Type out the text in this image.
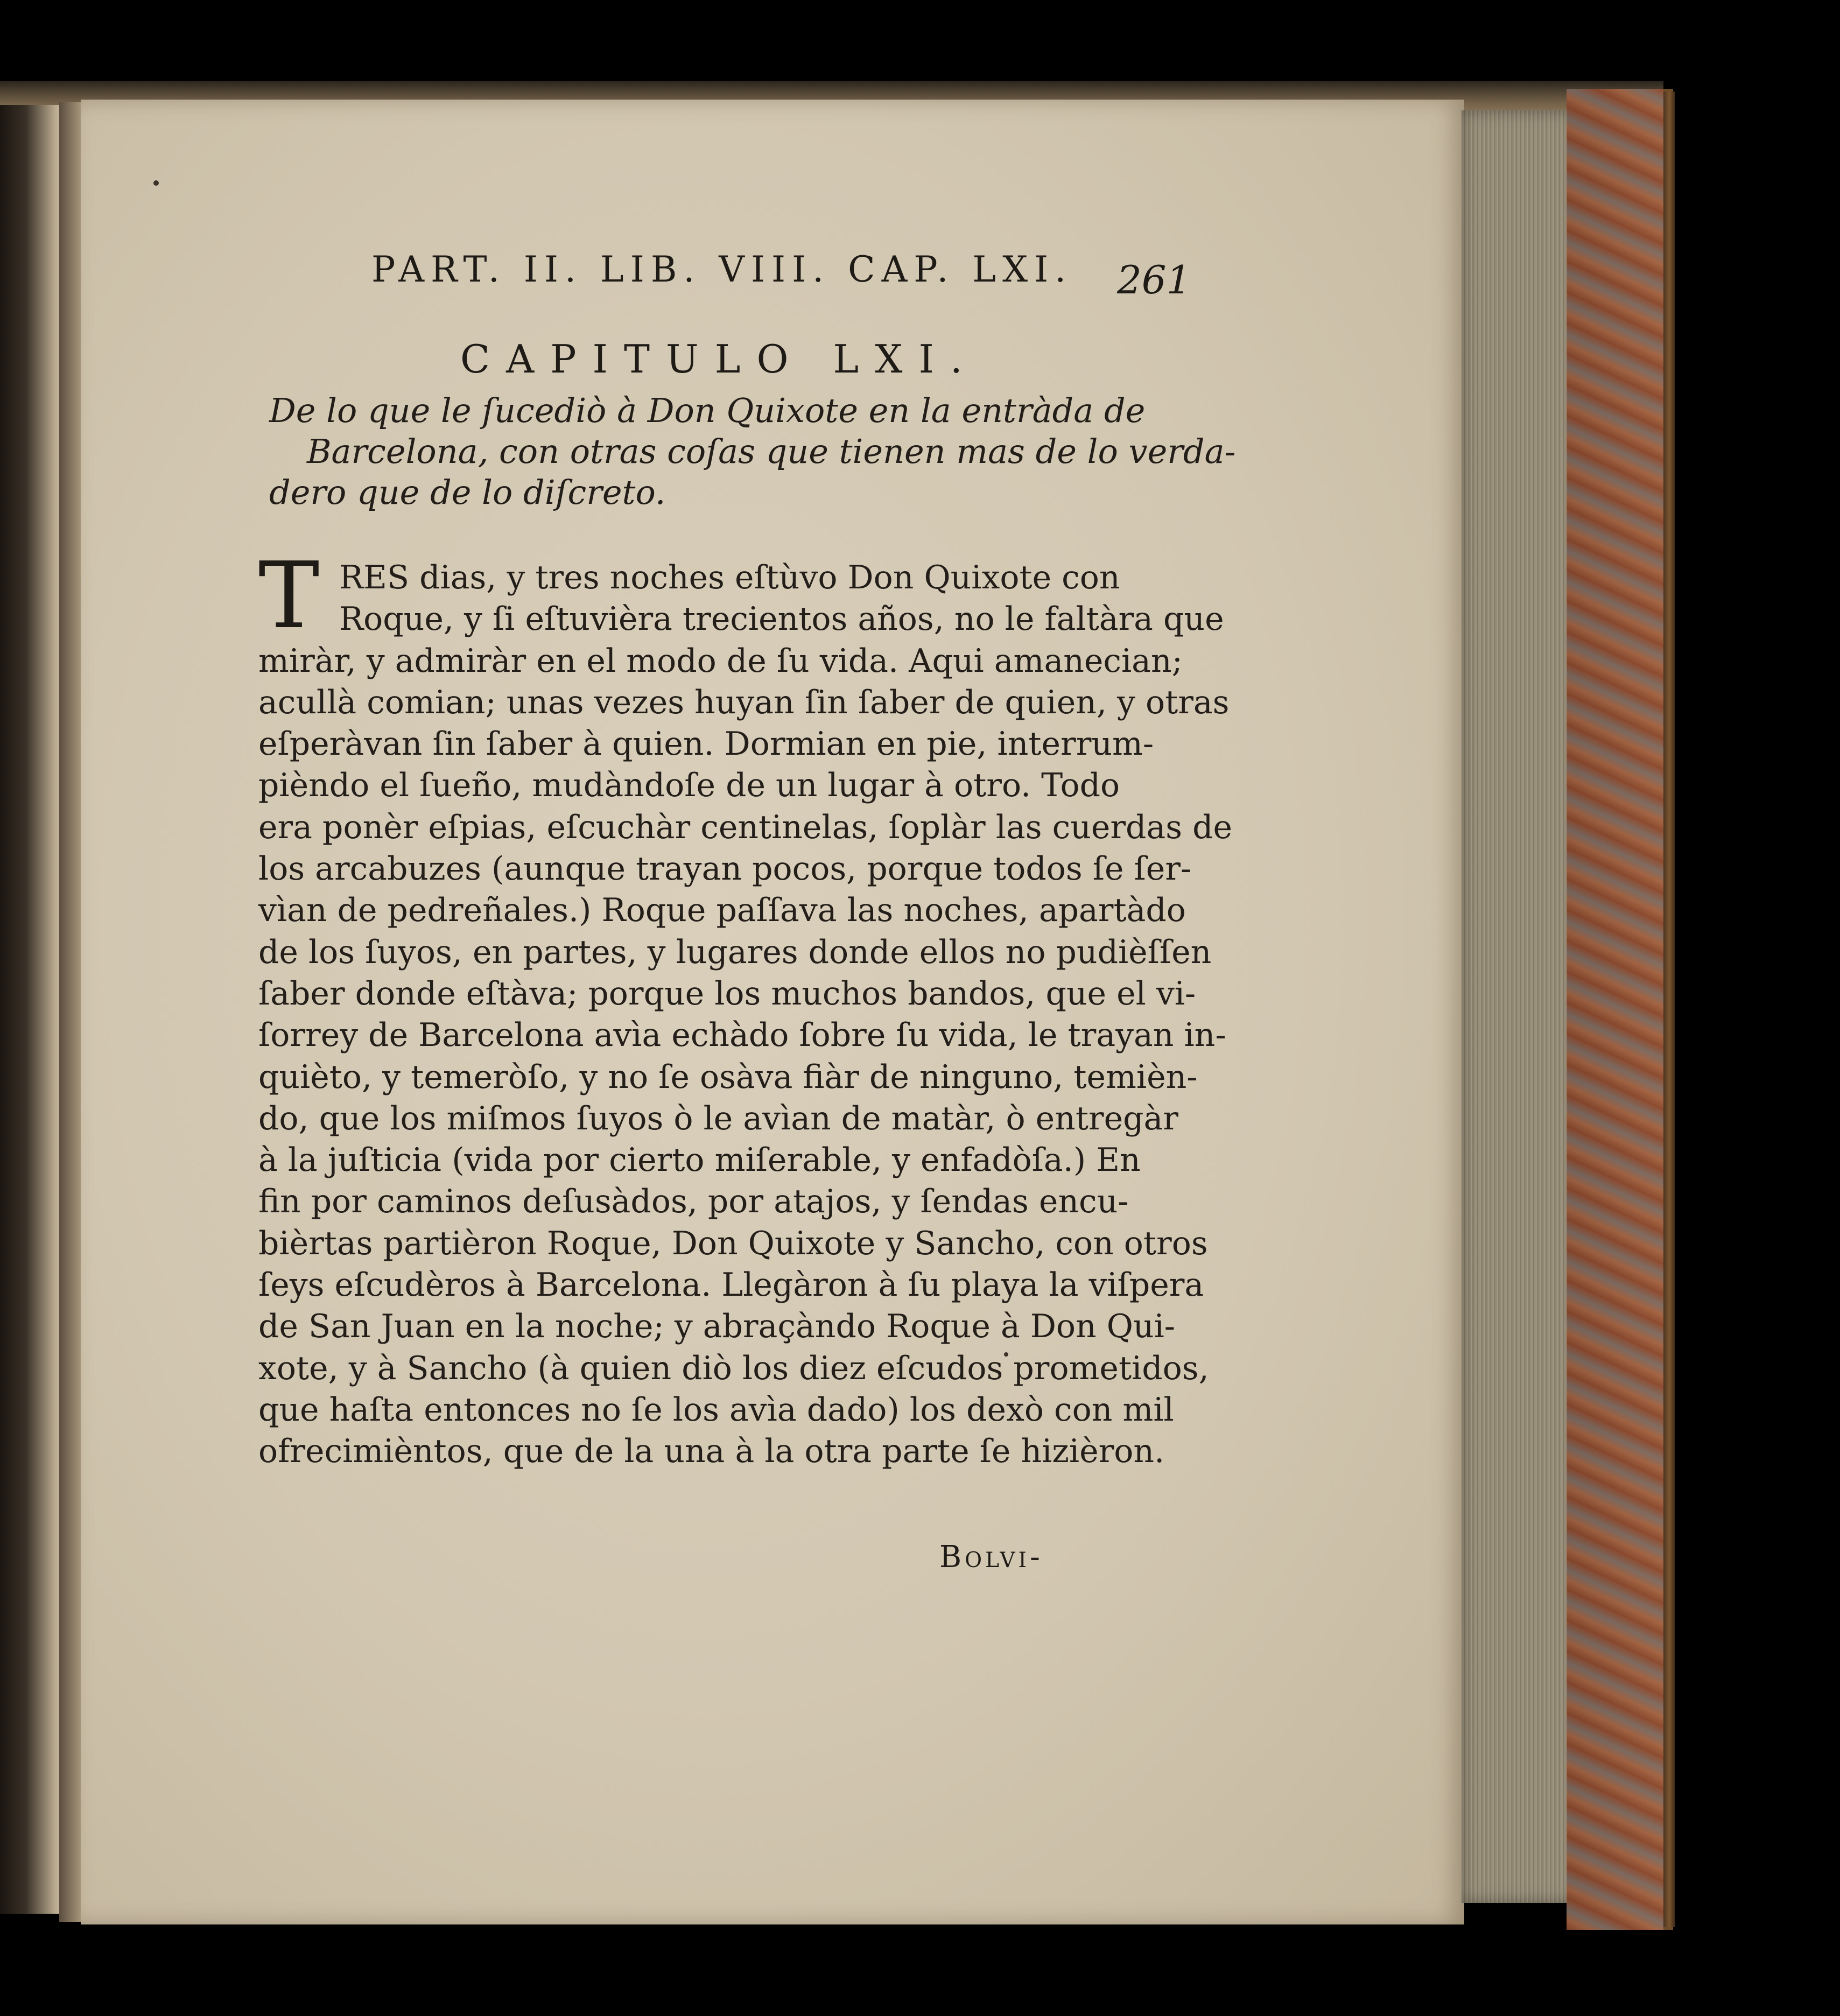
PART. II. LIB. VIII. CAP. LXI. 261
CAPITULO LXI.
De lo que le ſucediò à Don Quixote en la entràda de
Barcelona, con otras coſas que tienen mas de lo verda-
dero que de lo diſcreto.
T RES dias, y tres noches eſtùvo Don Quixote con
Roque, y ſi eſtuvièra trecientos años, no le faltàra que
miràr, y admiràr en el modo de ſu vida. Aqui amanecian;
acullà comian; unas vezes huyan ſin ſaber de quien, y otras
eſperàvan ſin ſaber à quien. Dormian en pie, interrum-
pièndo el ſueño, mudàndoſe de un lugar à otro. Todo
era ponèr eſpias, eſcuchàr centinelas, ſoplàr las cuerdas de
los arcabuzes (aunque trayan pocos, porque todos ſe ſer-
vìan de pedreñales.) Roque paſſava las noches, apartàdo
de los ſuyos, en partes, y lugares donde ellos no pudièſſen
ſaber donde eſtàva; porque los muchos bandos, que el vi-
ſorrey de Barcelona avìa echàdo ſobre ſu vida, le trayan in-
quièto, y temeròſo, y no ſe osàva fiàr de ninguno, temièn-
do, que los miſmos ſuyos ò le avìan de matàr, ò entregàr
à la juſticia (vida por cierto miſerable, y enfadòſa.) En
fin por caminos deſusàdos, por atajos, y ſendas encu-
bièrtas partièron Roque, Don Quixote y Sancho, con otros
ſeys eſcudèros à Barcelona. Llegàron à ſu playa la viſpera
de San Juan en la noche; y abraçàndo Roque à Don Qui-
xote, y à Sancho (à quien diò los diez eſcudos prometidos,
que haſta entonces no ſe los avìa dado) los dexò con mil
ofrecimièntos, que de la una à la otra parte ſe hizièron.
Bolvi-
